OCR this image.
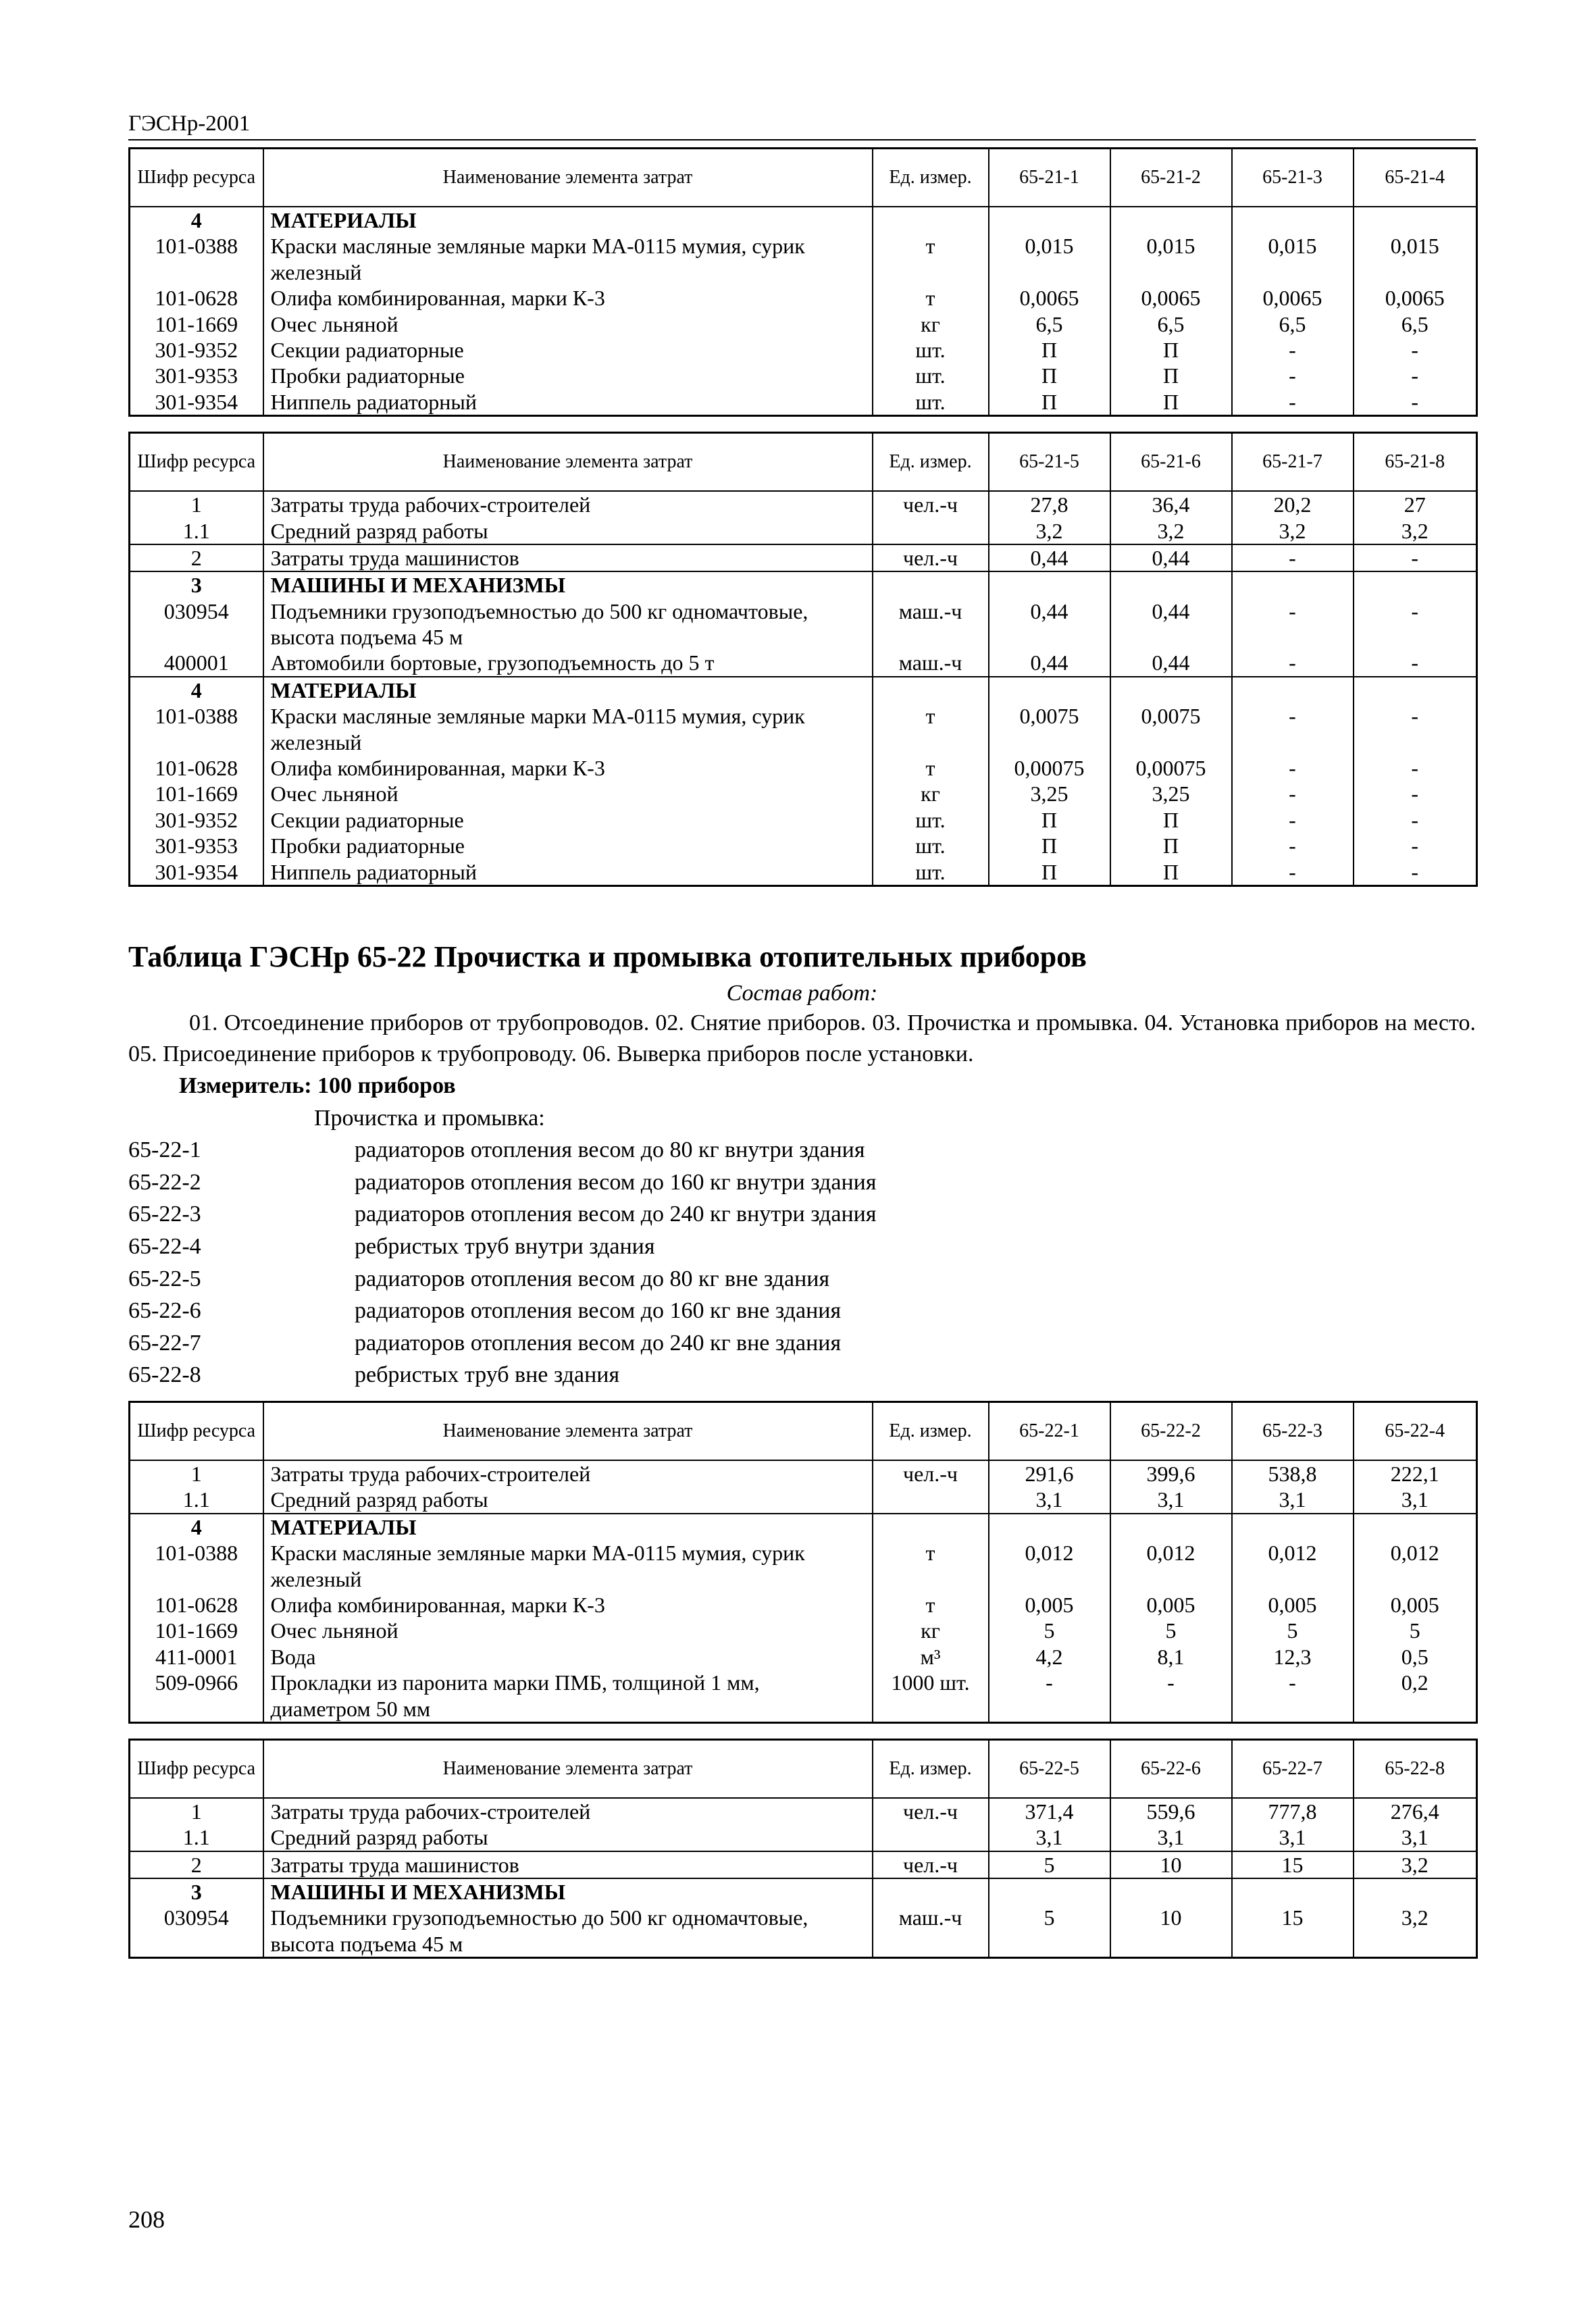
ГЭСНр-2001
Шифр ресурса	Наименование элемента затрат	Ед. измер.	65-21-1	65-21-2	65-21-3	65-21-4
4	МАТЕРИАЛЫ					
101-0388	Краски масляные земляные марки МА-0115 мумия, сурик железный	т	0,015	0,015	0,015	0,015
101-0628	Олифа комбинированная, марки К-3	т	0,0065	0,0065	0,0065	0,0065
101-1669	Очес льняной	кг	6,5	6,5	6,5	6,5
301-9352	Секции радиаторные	шт.	П	П	-	-
301-9353	Пробки радиаторные	шт.	П	П	-	-
301-9354	Ниппель радиаторный	шт.	П	П	-	-
Шифр ресурса	Наименование элемента затрат	Ед. измер.	65-21-5	65-21-6	65-21-7	65-21-8
1	Затраты труда рабочих-строителей	чел.-ч	27,8	36,4	20,2	27
1.1	Средний разряд работы		3,2	3,2	3,2	3,2
2	Затраты труда машинистов	чел.-ч	0,44	0,44	-	-
3	МАШИНЫ И МЕХАНИЗМЫ					
030954	Подъемники грузоподъемностью до 500 кг одномачтовые, высота подъема 45 м	маш.-ч	0,44	0,44	-	-
400001	Автомобили бортовые, грузоподъемность до 5 т	маш.-ч	0,44	0,44	-	-
4	МАТЕРИАЛЫ					
101-0388	Краски масляные земляные марки МА-0115 мумия, сурик железный	т	0,0075	0,0075	-	-
101-0628	Олифа комбинированная, марки К-3	т	0,00075	0,00075	-	-
101-1669	Очес льняной	кг	3,25	3,25	-	-
301-9352	Секции радиаторные	шт.	П	П	-	-
301-9353	Пробки радиаторные	шт.	П	П	-	-
301-9354	Ниппель радиаторный	шт.	П	П	-	-
Таблица ГЭСНр 65-22 Прочистка и промывка отопительных приборов
Состав работ:
01. Отсоединение приборов от трубопроводов. 02. Снятие приборов. 03. Прочистка и промывка. 04. Установка приборов на место. 05. Присоединение приборов к трубопроводу. 06. Выверка приборов после установки.
Измеритель: 100 приборов
Прочистка и промывка:
65-22-1	радиаторов отопления весом до 80 кг внутри здания
65-22-2	радиаторов отопления весом до 160 кг внутри здания
65-22-3	радиаторов отопления весом до 240 кг внутри здания
65-22-4	ребристых труб внутри здания
65-22-5	радиаторов отопления весом до 80 кг вне здания
65-22-6	радиаторов отопления весом до 160 кг вне здания
65-22-7	радиаторов отопления весом до 240 кг вне здания
65-22-8	ребристых труб вне здания
Шифр ресурса	Наименование элемента затрат	Ед. измер.	65-22-1	65-22-2	65-22-3	65-22-4
1	Затраты труда рабочих-строителей	чел.-ч	291,6	399,6	538,8	222,1
1.1	Средний разряд работы		3,1	3,1	3,1	3,1
4	МАТЕРИАЛЫ					
101-0388	Краски масляные земляные марки МА-0115 мумия, сурик железный	т	0,012	0,012	0,012	0,012
101-0628	Олифа комбинированная, марки К-3	т	0,005	0,005	0,005	0,005
101-1669	Очес льняной	кг	5	5	5	5
411-0001	Вода	м³	4,2	8,1	12,3	0,5
509-0966	Прокладки из паронита марки ПМБ, толщиной 1 мм, диаметром 50 мм	1000 шт.	-	-	-	0,2
Шифр ресурса	Наименование элемента затрат	Ед. измер.	65-22-5	65-22-6	65-22-7	65-22-8
1	Затраты труда рабочих-строителей	чел.-ч	371,4	559,6	777,8	276,4
1.1	Средний разряд работы		3,1	3,1	3,1	3,1
2	Затраты труда машинистов	чел.-ч	5	10	15	3,2
3	МАШИНЫ И МЕХАНИЗМЫ					
030954	Подъемники грузоподъемностью до 500 кг одномачтовые, высота подъема 45 м	маш.-ч	5	10	15	3,2
208
